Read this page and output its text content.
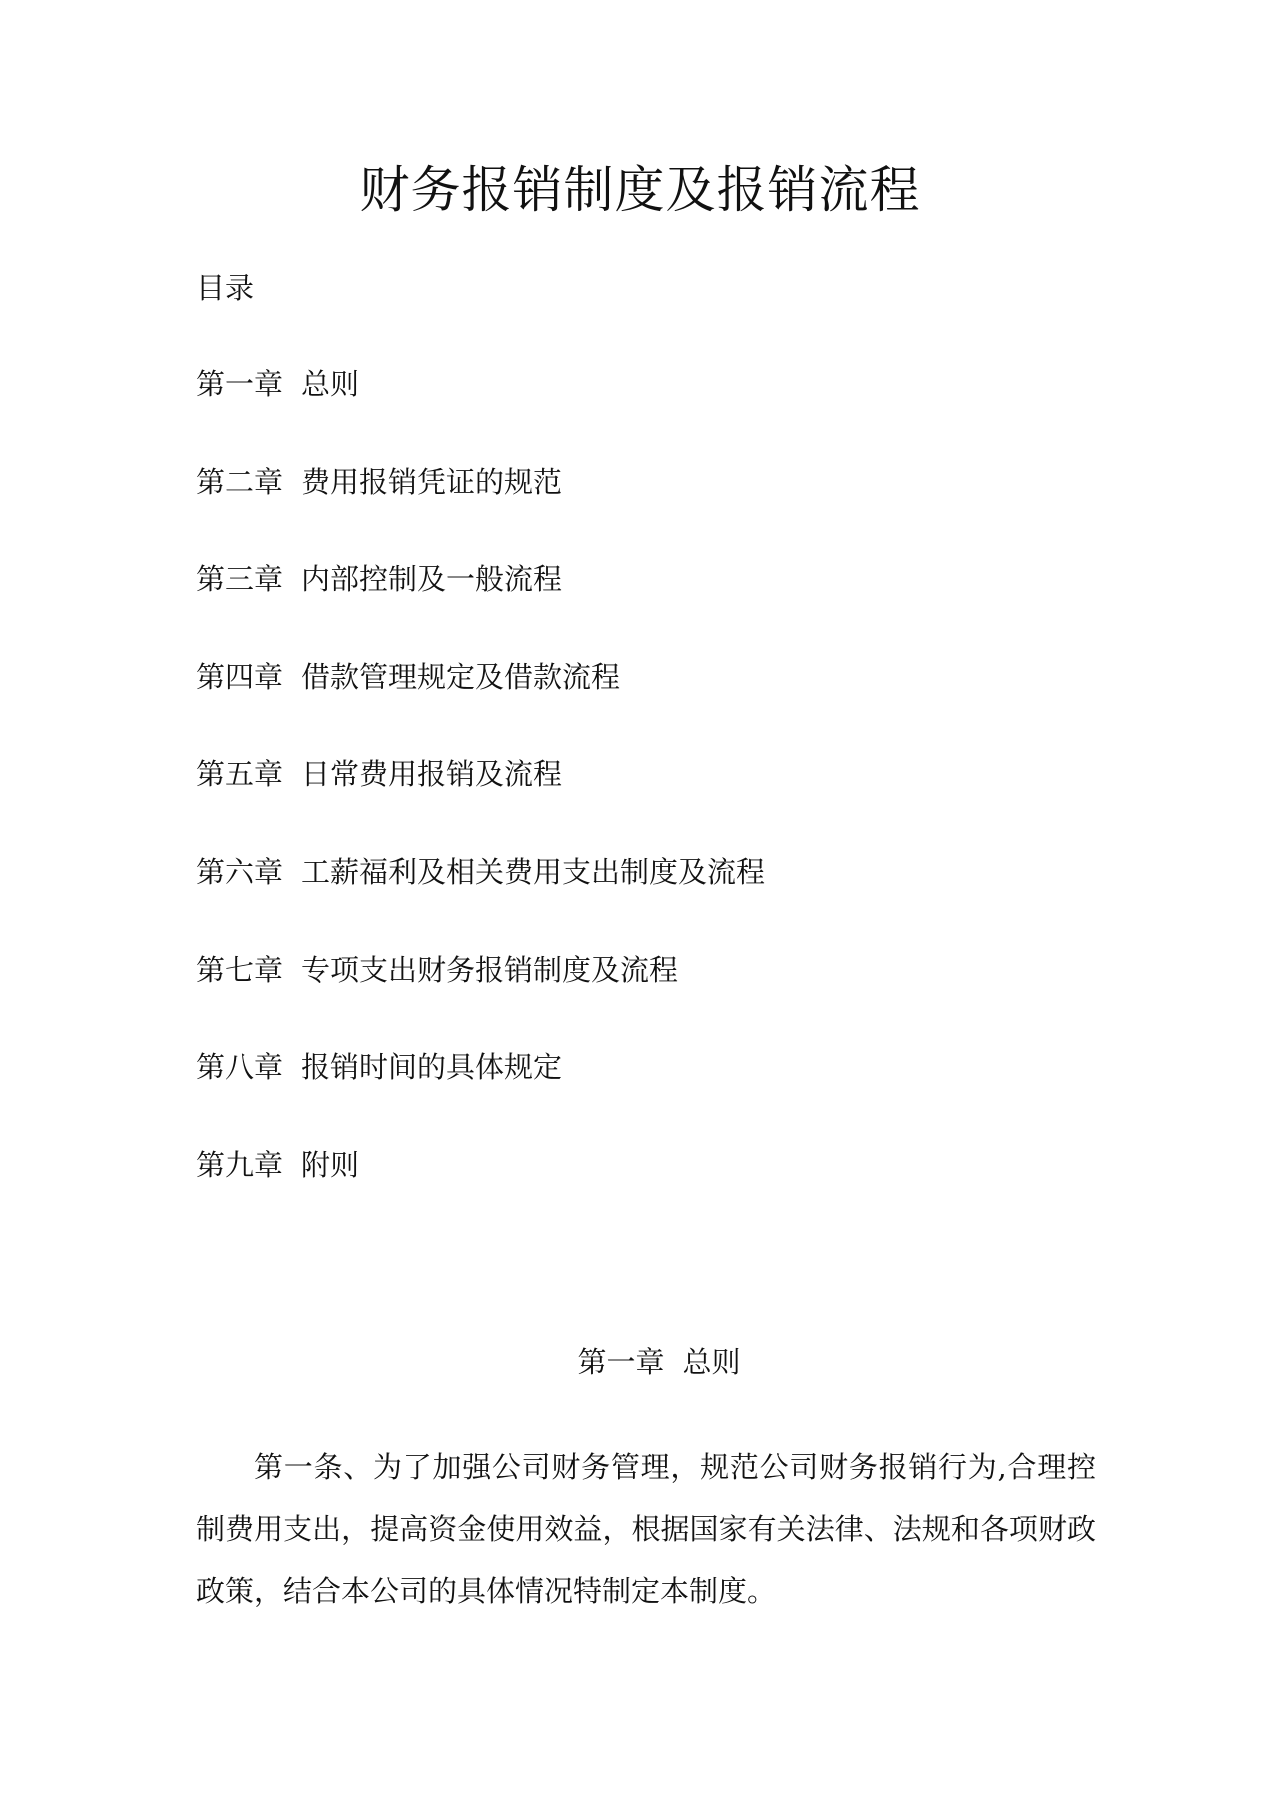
财务报销制度及报销流程
目录
第一章 总则
第二章 费用报销凭证的规范
第三章 内部控制及一般流程
第四章 借款管理规定及借款流程
第五章 日常费用报销及流程
第六章 工薪福利及相关费用支出制度及流程
第七章 专项支出财务报销制度及流程
第八章 报销时间的具体规定
第九章 附则
第一章 总则

第一条、为了加强公司财务管理，规范公司财务报销行为,合理控制费用支出，提高资金使用效益，根据国家有关法律、法规和各项财政政策，结合本公司的具体情况特制定本制度。
